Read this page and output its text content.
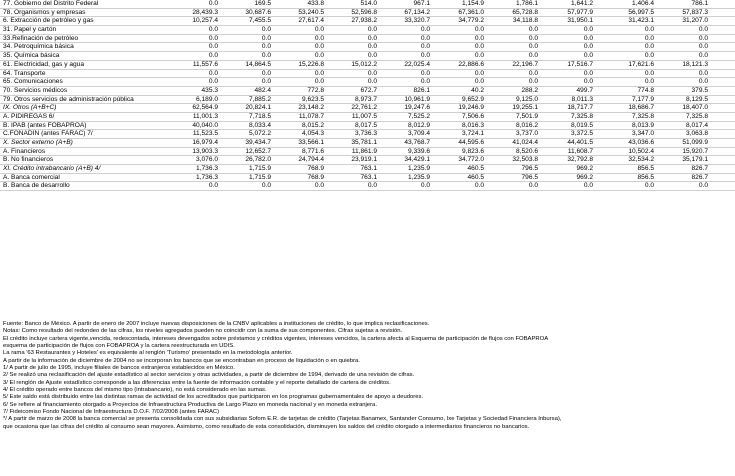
77. Gobierno del Distrito Federal	0.0	169.5	433.8	514.0	967.1	1,154.9	1,786.1	1,641.2	1,406.4	786.1
78. Organismos y empresas	28,439.3	30,687.6	53,240.5	52,596.8	67,134.2	67,361.0	65,728.8	57,977.9	56,997.5	57,837.3
6. Extracción de petróleo y gas	10,257.4	7,455.5	27,617.4	27,938.2	33,320.7	34,779.2	34,118.8	31,950.1	31,423.1	31,207.0
31. Papel y cartón	0.0	0.0	0.0	0.0	0.0	0.0	0.0	0.0	0.0	0.0
33.Refinación de petróleo	0.0	0.0	0.0	0.0	0.0	0.0	0.0	0.0	0.0	0.0
34. Petroquímica básica	0.0	0.0	0.0	0.0	0.0	0.0	0.0	0.0	0.0	0.0
35. Química básica	0.0	0.0	0.0	0.0	0.0	0.0	0.0	0.0	0.0	0.0
61. Electricidad, gas y agua	11,557.6	14,864.5	15,226.8	15,012.2	22,025.4	22,886.6	22,196.7	17,516.7	17,621.6	18,121.3
64. Transporte	0.0	0.0	0.0	0.0	0.0	0.0	0.0	0.0	0.0	0.0
65. Comunicaciones	0.0	0.0	0.0	0.0	0.0	0.0	0.0	0.0	0.0	0.0
70. Servicios médicos	435.3	482.4	772.8	672.7	826.1	40.2	288.2	499.7	774.8	379.5
79. Otros servicios de administración pública	6,189.0	7,885.2	9,623.5	8,973.7	10,961.9	9,652.9	9,125.0	8,011.3	7,177.9	8,129.5
IX. Otros (A+B+C)	62,564.9	20,824.1	23,148.2	22,761.2	19,247.6	19,246.9	19,255.1	18,717.7	18,686.7	18,407.0
A. PIDIREGAS 6/	11,001.3	7,718.5	11,078.7	11,007.5	7,525.2	7,506.6	7,501.9	7,325.8	7,325.8	7,325.8
B. IPAB (antes FOBAPROA)	40,040.0	8,033.4	8,015.2	8,017.5	8,012.9	8,016.3	8,016.2	8,019.5	8,013.9	8,017.4
C.FONADIN (antes FARAC) 7/	11,523.5	5,072.2	4,054.3	3,736.3	3,709.4	3,724.1	3,737.0	3,372.5	3,347.0	3,063.8
X. Sector externo (A+B)	16,979.4	39,434.7	33,566.1	35,781.1	43,768.7	44,595.6	41,024.4	44,401.5	43,036.6	51,099.9
A. Financieros	13,903.3	12,652.7	8,771.6	11,861.9	9,339.6	9,823.6	8,520.6	11,608.7	10,502.4	15,920.7
B. No financieros	3,076.0	26,782.0	24,794.4	23,919.1	34,429.1	34,772.0	32,503.8	32,792.8	32,534.2	35,179.1
XI. Crédito intrabancario (A+B) 4/	1,736.3	1,715.9	768.9	763.1	1,235.9	460.5	796.5	969.2	856.5	826.7
A. Banca comercial	1,736.3	1,715.9	768.9	763.1	1,235.9	460.5	796.5	969.2	856.5	826.7
B. Banca de desarrollo	0.0	0.0	0.0	0.0	0.0	0.0	0.0	0.0	0.0	0.0
Fuente: Banco de México. A partir de enero de 2007 incluye nuevas disposiciones de la CNBV aplicables a instituciones de crédito, lo que implica reclasificaciones.
Notas: Como resultado del redondeo de las cifras, los niveles agregados pueden no coincidir con la suma de sus componentes. Cifras sujetas a revisión.
El crédito incluye cartera vigente,vencida, redescontada, intereses devengados sobre préstamos y créditos vigentes, intereses vencidos, la cartera afecta al Esquema de participación de flujos con FOBAPROA
esquema de participación de flujos con FOBAPROA y la cartera reestructurada en UDIS.
La rama '63 Restaurantes y Hoteles' es equivalente al renglón 'Turismo' presentado en la metodología anterior.
A partir de la información de diciembre de 2004 no se incorporan los bancos que se encontraban en proceso de liquidación o en quiebra.
1/ A partir de julio de 1995, incluye filiales de bancos extranjeros establecidos en México.
2/ Se realizó una reclasificación del ajuste estadístico al sector servicios y otras actividades, a partir de diciembre de 1994, derivado de una revisión de cifras.
3/ El renglón de Ajuste estadístico corresponde a las diferencias entre la fuente de información contable y el reporte detallado de cartera de créditos.
4/ El crédito operado entre bancos del mismo tipo (intrabancario), no está considerado en las sumas.
5/ Este saldo está distribuido entre las distintas ramas de actividad de los acreditados que participaron en los programas gubernamentales de apoyo a deudores.
6/ Se refiere al financiamiento otorgado a Proyectos de Infraestructura Productiva de Largo Plazo en moneda nacional y en moneda extranjera.
7/ Fideicomiso Fondo Nacional de Infraestructura D.O.F. 7/02/2008 (antes FARAC)
*/ A partir de marzo de 2008 la banca comercial se presenta consolidada con sus subsidiarias Sofom E.R. de tarjetas de crédito (Tarjetas Banamex, Santander Consumo, Ixe Tarjetas y Sociedad Financiera Inbursa),
que ocasiona que las cifras del crédito al consumo sean mayores. Asimismo, como resultado de esta consolidación, disminuyen los saldos del crédito otorgado a intermediarios financieros no bancarios.
